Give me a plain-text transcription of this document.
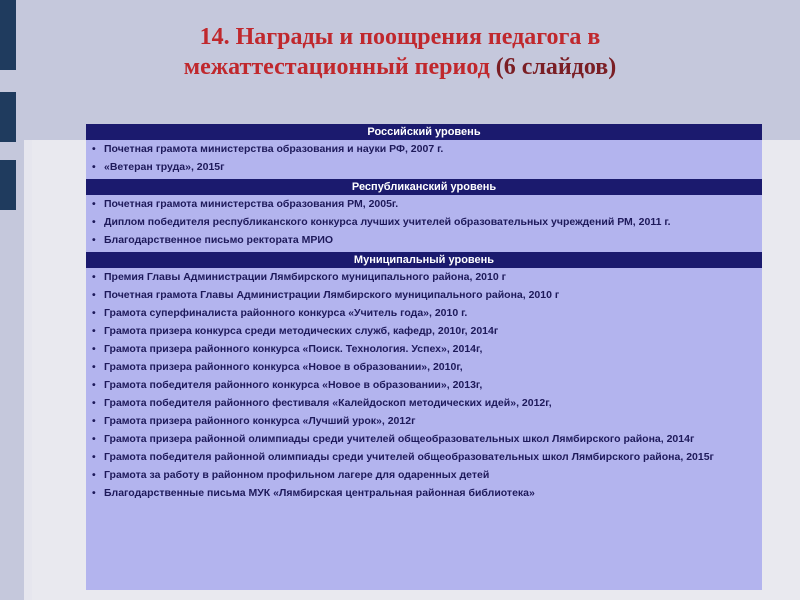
14. Награды и поощрения педагога в
межаттестационный период (6 слайдов)
Российский уровень
• Почетная грамота министерства образования и науки РФ, 2007 г.
• «Ветеран труда», 2015г
Республиканский уровень
• Почетная грамота министерства образования РМ, 2005г.
• Диплом победителя республиканского конкурса лучших учителей образовательных учреждений РМ, 2011 г.
• Благодарственное письмо ректората МРИО
Муниципальный уровень
• Премия Главы Администрации Лямбирского муниципального района, 2010 г
• Почетная грамота Главы Администрации Лямбирского муниципального района, 2010 г
• Грамота суперфиналиста районного конкурса «Учитель года», 2010 г.
• Грамота призера конкурса среди методических служб, кафедр, 2010г, 2014г
• Грамота призера районного конкурса «Поиск. Технология. Успех», 2014г,
• Грамота призера районного конкурса «Новое в образовании», 2010г,
• Грамота победителя районного конкурса «Новое в образовании», 2013г,
• Грамота победителя районного фестиваля «Калейдоскоп методических идей», 2012г,
• Грамота призера районного конкурса «Лучший урок», 2012г
• Грамота призера районной олимпиады среди учителей общеобразовательных школ Лямбирского района, 2014г
• Грамота победителя районной олимпиады среди учителей общеобразовательных школ Лямбирского района, 2015г
• Грамота за работу в районном профильном лагере для одаренных детей
• Благодарственные письма МУК «Лямбирская центральная районная библиотека»
